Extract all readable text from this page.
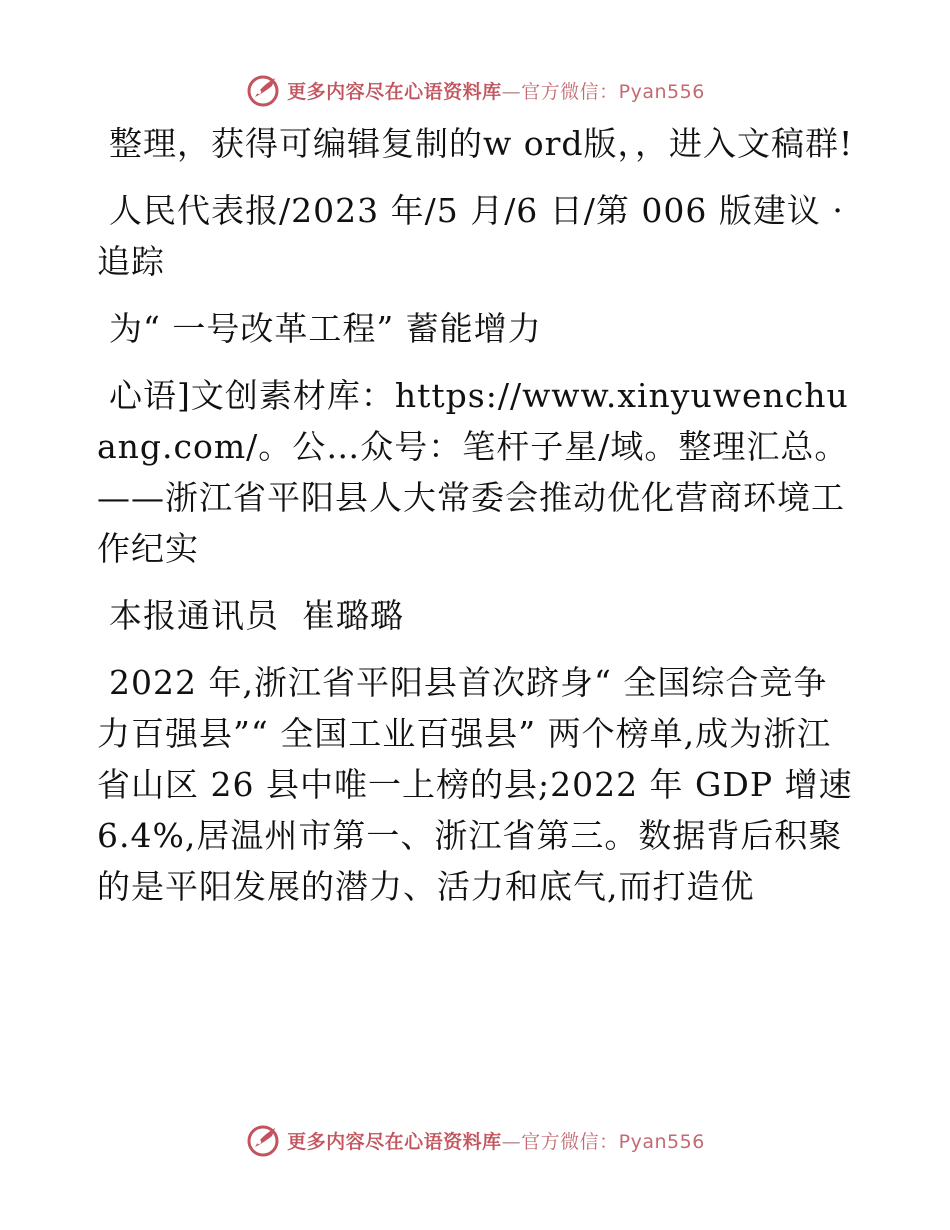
更多内容尽在心语资料库—官方微信：Pyan556

整理，获得可编辑复制的w ord版，，进入文稿群!

人民代表报/2023 年/5 月/6 日/第 006 版建议 · 追踪

为“ 一号改革工程” 蓄能增力

心语]文创素材库：https://www.xinyuwenchuang.com/。公…众号：笔杆子星/域。整理汇总。——浙江省平阳县人大常委会推动优化营商环境工作纪实

本报通讯员  崔璐璐

2022 年,浙江省平阳县首次跻身“ 全国综合竞争力百强县”“ 全国工业百强县” 两个榜单,成为浙江省山区 26 县中唯一上榜的县;2022 年 GDP 增速 6.4%,居温州市第一、浙江省第三。数据背后积聚的是平阳发展的潜力、活力和底气,而打造优

更多内容尽在心语资料库—官方微信：Pyan556
